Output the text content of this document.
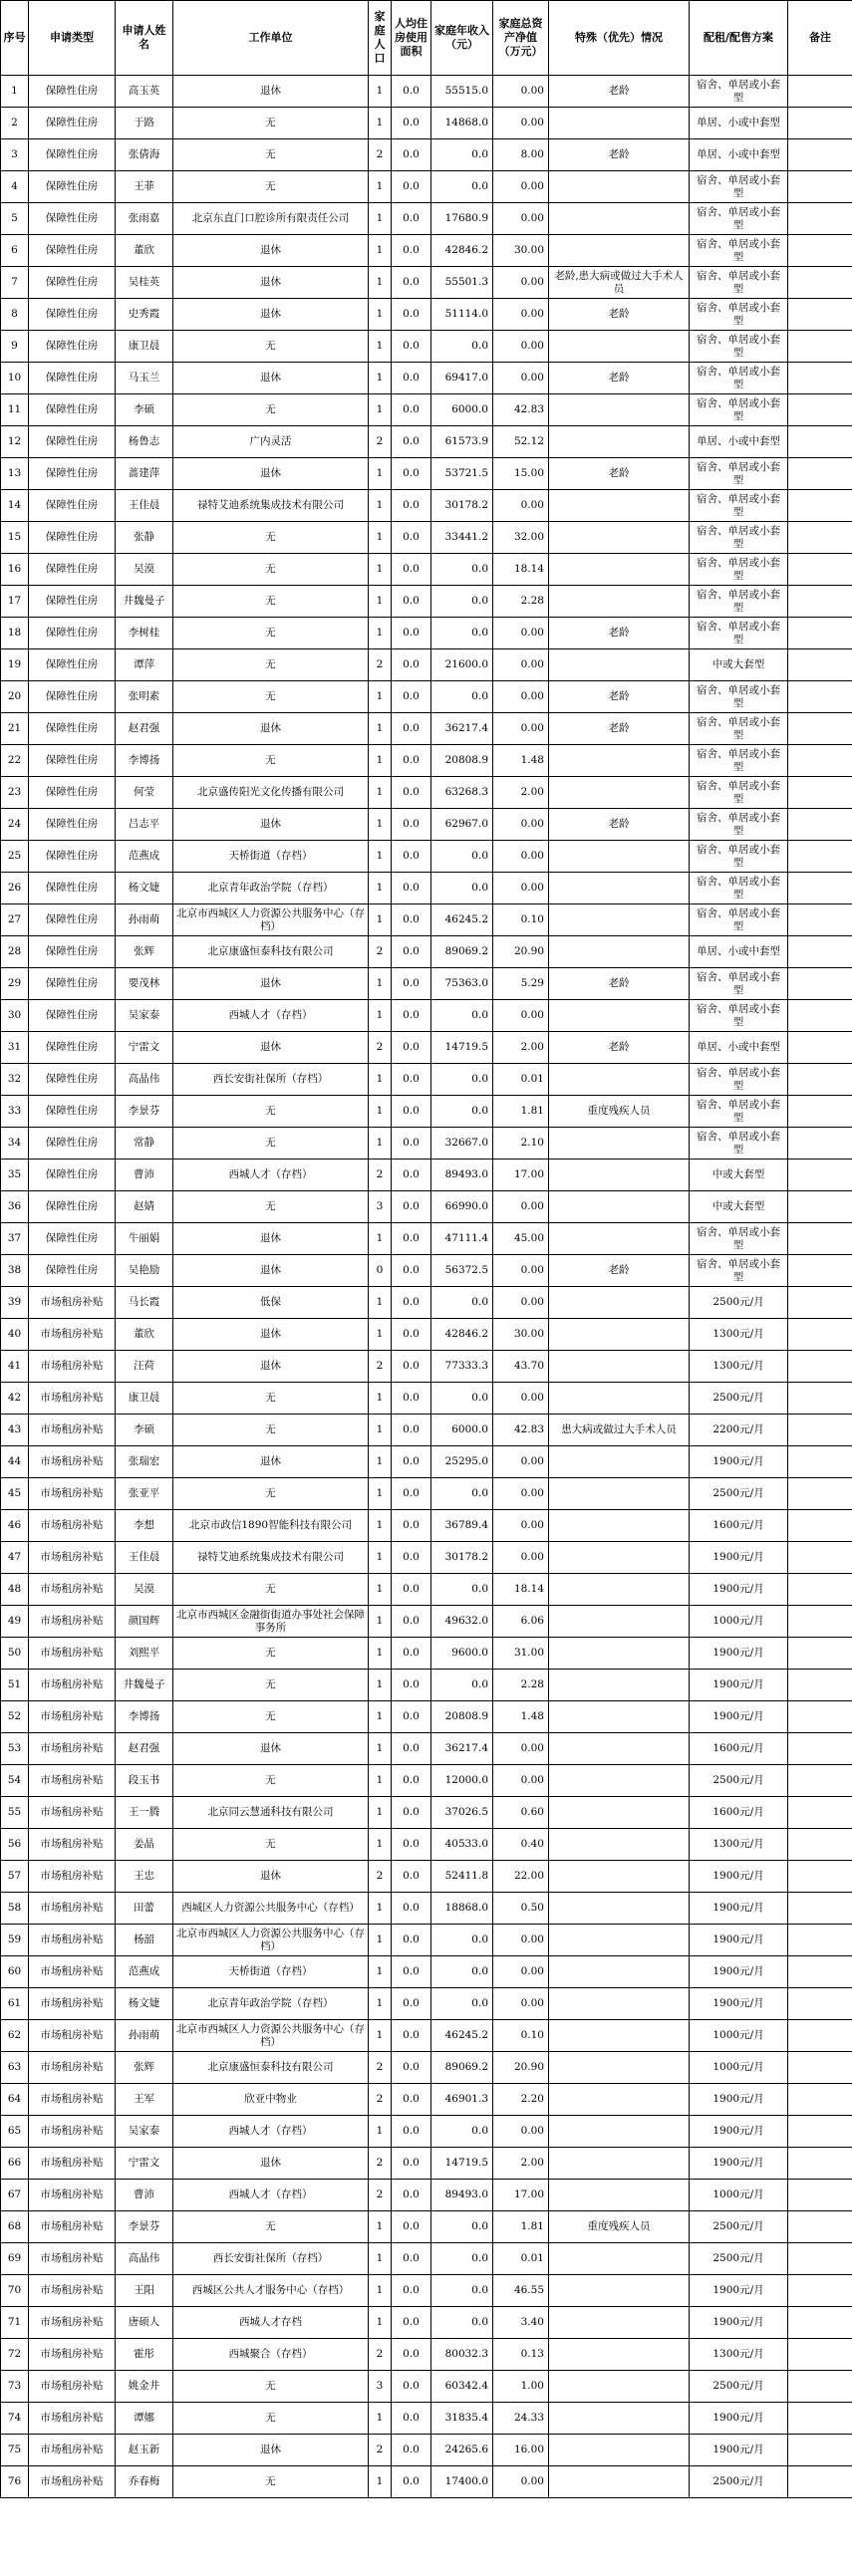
序号	申请类型	申请人姓名	工作单位	家庭人口	人均住房使用面积	家庭年收入（元）	家庭总资产净值（万元）	特殊（优先）情况	配租/配售方案	备注
1	保障性住房	高玉英	退休	1	0.0	55515.0	0.00	老龄	宿舍、单居或小套型	
2	保障性住房	于路	无	1	0.0	14868.0	0.00		单居、小或中套型	
3	保障性住房	张倩海	无	2	0.0	0.0	8.00	老龄	单居、小或中套型	
4	保障性住房	王菲	无	1	0.0	0.0	0.00		宿舍、单居或小套型	
5	保障性住房	张雨嘉	北京东直门口腔诊所有限责任公司	1	0.0	17680.9	0.00		宿舍、单居或小套型	
6	保障性住房	董欣	退休	1	0.0	42846.2	30.00		宿舍、单居或小套型	
7	保障性住房	吴桂英	退休	1	0.0	55501.3	0.00	老龄,患大病或做过大手术人员	宿舍、单居或小套型	
8	保障性住房	史秀霞	退休	1	0.0	51114.0	0.00	老龄	宿舍、单居或小套型	
9	保障性住房	康卫晨	无	1	0.0	0.0	0.00		宿舍、单居或小套型	
10	保障性住房	马玉兰	退休	1	0.0	69417.0	0.00	老龄	宿舍、单居或小套型	
11	保障性住房	李硕	无	1	0.0	6000.0	42.83		宿舍、单居或小套型	
12	保障性住房	杨鲁志	广内灵活	2	0.0	61573.9	52.12		单居、小或中套型	
13	保障性住房	蔷建萍	退休	1	0.0	53721.5	15.00	老龄	宿舍、单居或小套型	
14	保障性住房	王佳晨	禄特艾迪系统集成技术有限公司	1	0.0	30178.2	0.00		宿舍、单居或小套型	
15	保障性住房	张静	无	1	0.0	33441.2	32.00		宿舍、单居或小套型	
16	保障性住房	吴漠	无	1	0.0	0.0	18.14		宿舍、单居或小套型	
17	保障性住房	井魏曼子	无	1	0.0	0.0	2.28		宿舍、单居或小套型	
18	保障性住房	李树桂	无	1	0.0	0.0	0.00	老龄	宿舍、单居或小套型	
19	保障性住房	谭萍	无	2	0.0	21600.0	0.00		中或大套型	
20	保障性住房	张明素	无	1	0.0	0.0	0.00	老龄	宿舍、单居或小套型	
21	保障性住房	赵君强	退休	1	0.0	36217.4	0.00	老龄	宿舍、单居或小套型	
22	保障性住房	李博扬	无	1	0.0	20808.9	1.48		宿舍、单居或小套型	
23	保障性住房	何莹	北京盛传阳光文化传播有限公司	1	0.0	63268.3	2.00		宿舍、单居或小套型	
24	保障性住房	吕志平	退休	1	0.0	62967.0	0.00	老龄	宿舍、单居或小套型	
25	保障性住房	范燕成	天桥街道（存档）	1	0.0	0.0	0.00		宿舍、单居或小套型	
26	保障性住房	杨文婕	北京青年政治学院（存档）	1	0.0	0.0	0.00		宿舍、单居或小套型	
27	保障性住房	孙雨萌	北京市西城区人力资源公共服务中心（存档）	1	0.0	46245.2	0.10		宿舍、单居或小套型	
28	保障性住房	张辉	北京康盛恒泰科技有限公司	2	0.0	89069.2	20.90		单居、小或中套型	
29	保障性住房	要茂林	退休	1	0.0	75363.0	5.29	老龄	宿舍、单居或小套型	
30	保障性住房	吴家泰	西城人才（存档）	1	0.0	0.0	0.00		宿舍、单居或小套型	
31	保障性住房	宁雷文	退休	2	0.0	14719.5	2.00	老龄	单居、小或中套型	
32	保障性住房	高晶伟	西长安街社保所（存档）	1	0.0	0.0	0.01		宿舍、单居或小套型	
33	保障性住房	李景芬	无	1	0.0	0.0	1.81	重度残疾人员	宿舍、单居或小套型	
34	保障性住房	常静	无	1	0.0	32667.0	2.10		宿舍、单居或小套型	
35	保障性住房	曹沛	西城人才（存档）	2	0.0	89493.0	17.00		中或大套型	
36	保障性住房	赵婧	无	3	0.0	66990.0	0.00		中或大套型	
37	保障性住房	牛丽娟	退休	1	0.0	47111.4	45.00		宿舍、单居或小套型	
38	保障性住房	吴艳励	退休	0	0.0	56372.5	0.00	老龄	宿舍、单居或小套型	
39	市场租房补贴	马长霞	低保	1	0.0	0.0	0.00		2500元/月	
40	市场租房补贴	董欣	退休	1	0.0	42846.2	30.00		1300元/月	
41	市场租房补贴	汪荷	退休	2	0.0	77333.3	43.70		1300元/月	
42	市场租房补贴	康卫晨	无	1	0.0	0.0	0.00		2500元/月	
43	市场租房补贴	李硕	无	1	0.0	6000.0	42.83	患大病或做过大手术人员	2200元/月	
44	市场租房补贴	张瑞宏	退休	1	0.0	25295.0	0.00		1900元/月	
45	市场租房补贴	张亚平	无	1	0.0	0.0	0.00		2500元/月	
46	市场租房补贴	李想	北京市政信1890智能科技有限公司	1	0.0	36789.4	0.00		1600元/月	
47	市场租房补贴	王佳晨	禄特艾迪系统集成技术有限公司	1	0.0	30178.2	0.00		1900元/月	
48	市场租房补贴	吴漠	无	1	0.0	0.0	18.14		1900元/月	
49	市场租房补贴	颜国辉	北京市西城区金融街街道办事处社会保障事务所	1	0.0	49632.0	6.06		1000元/月	
50	市场租房补贴	刘熙平	无	1	0.0	9600.0	31.00		1900元/月	
51	市场租房补贴	井魏曼子	无	1	0.0	0.0	2.28		1900元/月	
52	市场租房补贴	李博扬	无	1	0.0	20808.9	1.48		1900元/月	
53	市场租房补贴	赵君强	退休	1	0.0	36217.4	0.00		1600元/月	
54	市场租房补贴	段玉书	无	1	0.0	12000.0	0.00		2500元/月	
55	市场租房补贴	王一腾	北京同云慧通科技有限公司	1	0.0	37026.5	0.60		1600元/月	
56	市场租房补贴	姜晶	无	1	0.0	40533.0	0.40		1300元/月	
57	市场租房补贴	王忠	退休	2	0.0	52411.8	22.00		1900元/月	
58	市场租房补贴	田蕾	西城区人力资源公共服务中心（存档）	1	0.0	18868.0	0.50		1900元/月	
59	市场租房补贴	杨韶	北京市西城区人力资源公共服务中心（存档）	1	0.0	0.0	0.00		1900元/月	
60	市场租房补贴	范燕成	天桥街道（存档）	1	0.0	0.0	0.00		1900元/月	
61	市场租房补贴	杨文婕	北京青年政治学院（存档）	1	0.0	0.0	0.00		1900元/月	
62	市场租房补贴	孙雨萌	北京市西城区人力资源公共服务中心（存档）	1	0.0	46245.2	0.10		1000元/月	
63	市场租房补贴	张辉	北京康盛恒泰科技有限公司	2	0.0	89069.2	20.90		1000元/月	
64	市场租房补贴	王军	欣亚中物业	2	0.0	46901.3	2.20		1900元/月	
65	市场租房补贴	吴家泰	西城人才（存档）	1	0.0	0.0	0.00		1900元/月	
66	市场租房补贴	宁雷文	退休	2	0.0	14719.5	2.00		1900元/月	
67	市场租房补贴	曹沛	西城人才（存档）	2	0.0	89493.0	17.00		1000元/月	
68	市场租房补贴	李景芬	无	1	0.0	0.0	1.81	重度残疾人员	2500元/月	
69	市场租房补贴	高晶伟	西长安街社保所（存档）	1	0.0	0.0	0.01		2500元/月	
70	市场租房补贴	王阳	西城区公共人才服务中心（存档）	1	0.0	0.0	46.55		1900元/月	
71	市场租房补贴	唐硕人	西城人才存档	1	0.0	0.0	3.40		1900元/月	
72	市场租房补贴	霍彤	西城聚合（存档）	2	0.0	80032.3	0.13		1300元/月	
73	市场租房补贴	姚金井	无	3	0.0	60342.4	1.00		2500元/月	
74	市场租房补贴	谭娜	无	1	0.0	31835.4	24.33		1900元/月	
75	市场租房补贴	赵玉新	退休	2	0.0	24265.6	16.00		1900元/月	
76	市场租房补贴	乔春梅	无	1	0.0	17400.0	0.00		2500元/月	
